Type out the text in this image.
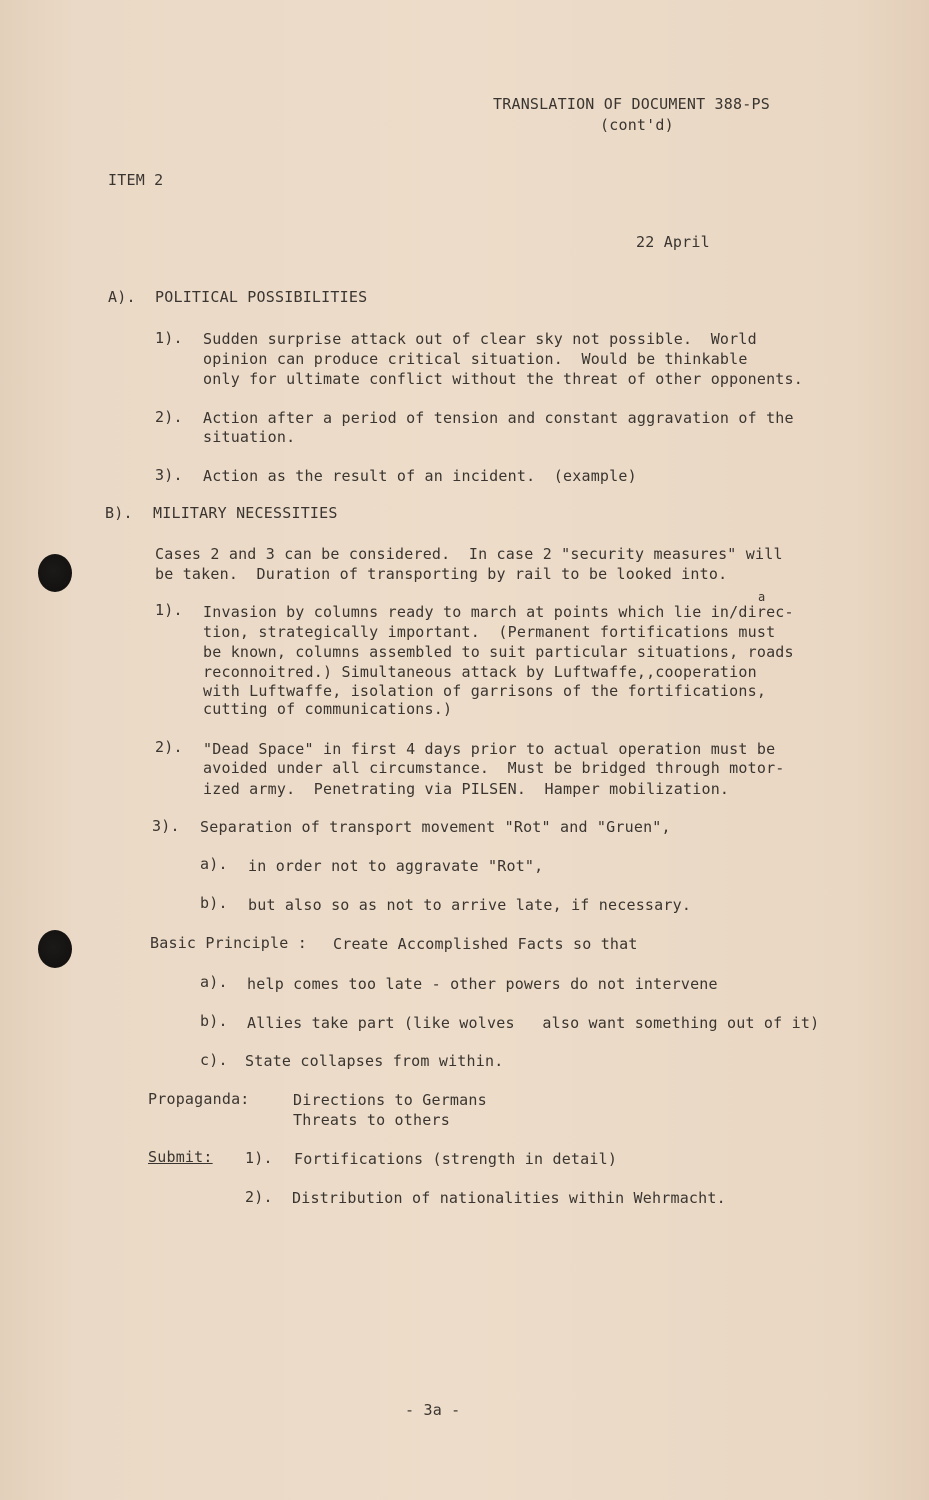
TRANSLATION OF DOCUMENT 388-PS
(cont'd)
ITEM 2
22 April
A). POLITICAL POSSIBILITIES
1). Sudden surprise attack out of clear sky not possible.  World
opinion can produce critical situation.  Would be thinkable
only for ultimate conflict without the threat of other opponents.
2). Action after a period of tension and constant aggravation of the
situation.
3). Action as the result of an incident.  (example)
B). MILITARY NECESSITIES
Cases 2 and 3 can be considered.  In case 2 "security measures" will
be taken.  Duration of transporting by rail to be looked into.
1).
a
Invasion by columns ready to march at points which lie in/direc-
tion, strategically important.  (Permanent fortifications must
be known, columns assembled to suit particular situations, roads
reconnoitred.) Simultaneous attack by Luftwaffe,,cooperation
with Luftwaffe, isolation of garrisons of the fortifications,
cutting of communications.)
2). "Dead Space" in first 4 days prior to actual operation must be
avoided under all circumstance.  Must be bridged through motor-
ized army.  Penetrating via PILSEN.  Hamper mobilization.
3). Separation of transport movement "Rot" and "Gruen",
a). in order not to aggravate "Rot",
b). but also so as not to arrive late, if necessary.
Basic Principle : Create Accomplished Facts so that
a). help comes too late - other powers do not intervene
b). Allies take part (like wolves   also want something out of it)
c). State collapses from within.
Propaganda:	Directions to Germans
Threats to others
Submit: 1). Fortifications (strength in detail)
2). Distribution of nationalities within Wehrmacht.
- 3a -
